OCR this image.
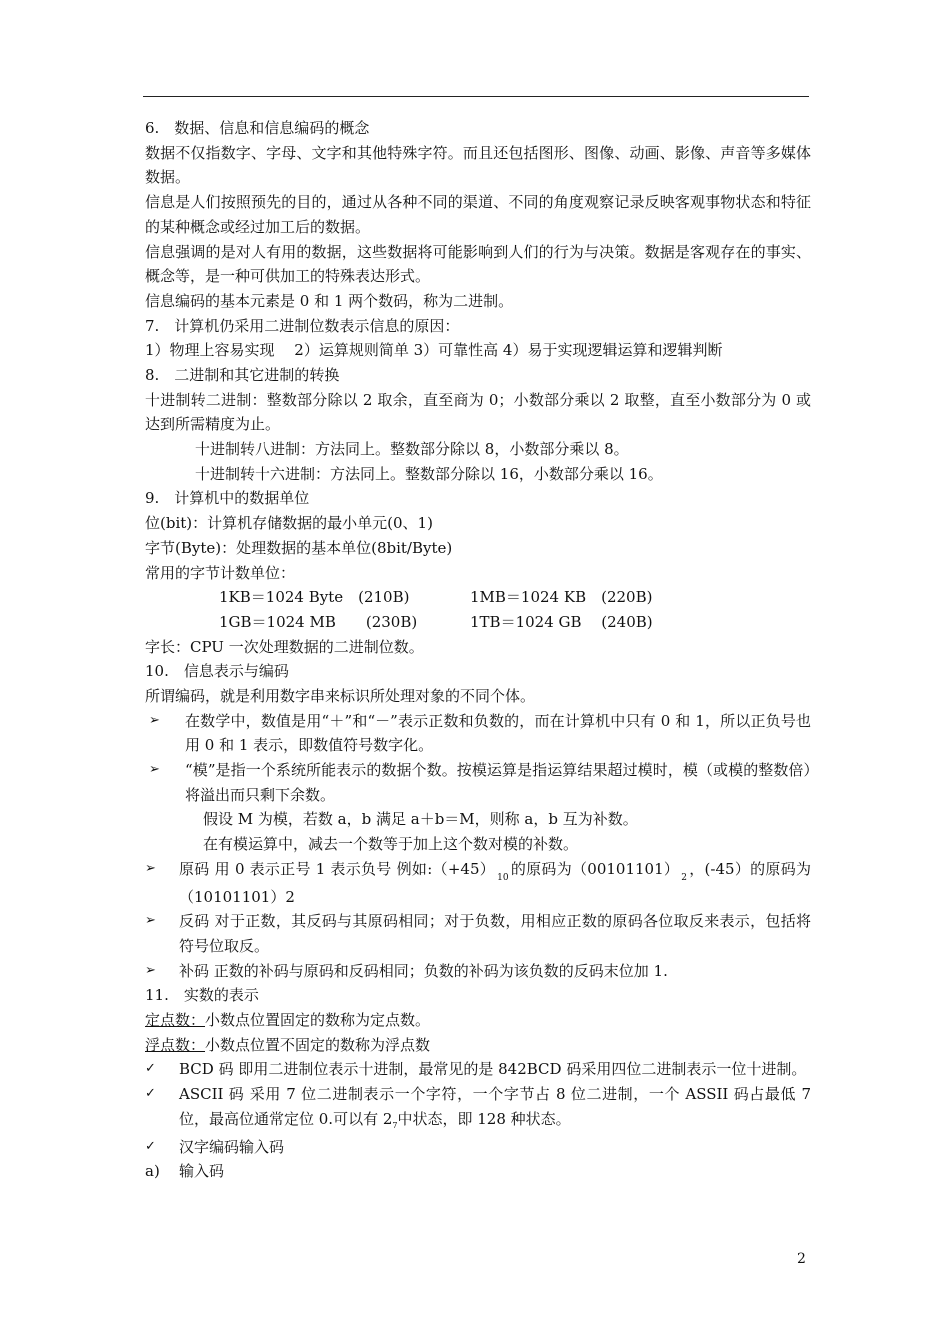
6.　数据、信息和信息编码的概念
数据不仅指数字、字母、文字和其他特殊字符。而且还包括图形、图像、动画、影像、声音等多媒体数据。
信息是人们按照预先的目的，通过从各种不同的渠道、不同的角度观察记录反映客观事物状态和特征的某种概念或经过加工后的数据。
信息强调的是对人有用的数据，这些数据将可能影响到人们的行为与决策。数据是客观存在的事实、概念等，是一种可供加工的特殊表达形式。
信息编码的基本元素是 0 和 1 两个数码，称为二进制。
7.　计算机仍采用二进制位数表示信息的原因：
1）物理上容易实现　 2）运算规则简单 3）可靠性高 4）易于实现逻辑运算和逻辑判断
8.　二进制和其它进制的转换
十进制转二进制：整数部分除以 2 取余，直至商为 0；小数部分乘以 2 取整，直至小数部分为 0 或达到所需精度为止。
十进制转八进制：方法同上。整数部分除以 8，小数部分乘以 8。
十进制转十六进制：方法同上。整数部分除以 16，小数部分乘以 16。
9.　计算机中的数据单位
位(bit)：计算机存储数据的最小单元(0、1)
字节(Byte)：处理数据的基本单位(8bit/Byte)
常用的字节计数单位：
1KB＝1024 Byte　(210B)	1MB＝1024 KB　(220B)
1GB＝1024 MB　　(230B)	1TB＝1024 GB　 (240B)
字长：CPU 一次处理数据的二进制位数。
10.　信息表示与编码
所谓编码，就是利用数字串来标识所处理对象的不同个体。
➢ 在数学中，数值是用“＋”和“－”表示正数和负数的，而在计算机中只有 0 和 1，所以正负号也用 0 和 1 表示，即数值符号数字化。
➢ “模”是指一个系统所能表示的数据个数。按模运算是指运算结果超过模时，模（或模的整数倍）将溢出而只剩下余数。
假设 M 为模，若数 a，b 满足 a＋b＝M，则称 a，b 互为补数。
在有模运算中，减去一个数等于加上这个数对模的补数。
➢ 原码 用 0 表示正号 1 表示负号 例如:（+45） $_{10}$ 的原码为（00101101） $_2$ ，(-45）的原码为（10101101）2
➢ 反码 对于正数，其反码与其原码相同；对于负数，用相应正数的原码各位取反来表示，包括将符号位取反。
➢ 补码 正数的补码与原码和反码相同；负数的补码为该负数的反码末位加 1.
11.　实数的表示
定点数：小数点位置固定的数称为定点数。
浮点数：小数点位置不固定的数称为浮点数
✓ BCD 码 即用二进制位表示十进制，最常见的是 842BCD 码采用四位二进制表示一位十进制。
✓ ASCII 码 采用 7 位二进制表示一个字符，一个字节占 8 位二进制，一个 ASSII 码占最低 7 位，最高位通常定位 0.可以有 $2_7$中状态，即 128 种状态。
✓ 汉字编码输入码
a) 输入码
2
